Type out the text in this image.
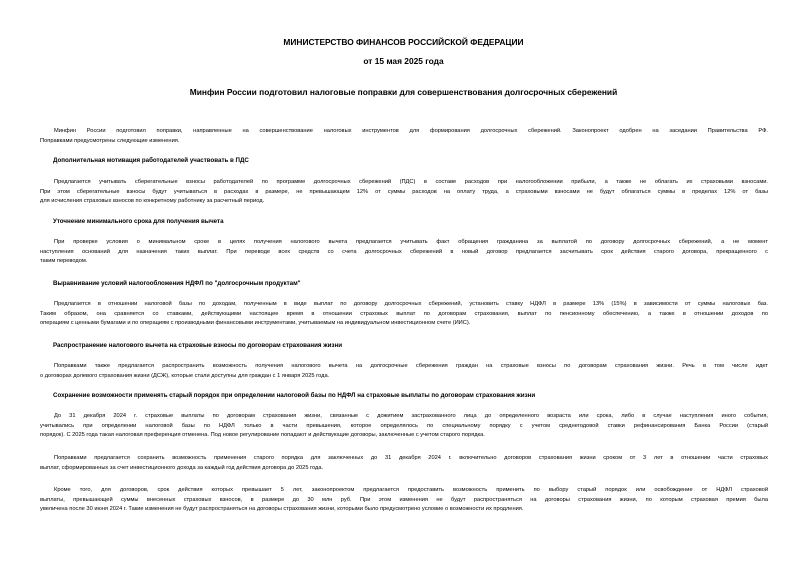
МИНИСТЕРСТВО ФИНАНСОВ РОССИЙСКОЙ ФЕДЕРАЦИИ
от 15 мая 2025 года
Минфин России подготовил налоговые поправки для совершенствования долгосрочных сбережений
Минфин России подготовил поправки, направленные на совершенствование налоговых инструментов для формирования долгосрочных сбережений. Законопроект одобрен на заседании Правительства РФ.
Поправками предусмотрены следующие изменения.
Дополнительная мотивация работодателей участвовать в ПДС
Предлагается учитывать сберегательные взносы работодателей по программе долгосрочных сбережений (ПДС) в составе расходов при налогообложении прибыли, а также не облагать их страховыми взносами.
При этом сберегательные взносы будут учитываться в расходах в размере, не превышающем 12% от суммы расходов на оплату труда, а страховыми взносами не будут облагаться суммы в пределах 12% от базы
для исчисления страховых взносов по конкретному работнику за расчетный период.
Уточнение минимального срока для получения вычета
При проверке условия о минимальном сроке в целях получения налогового вычета предлагается учитывать факт обращения гражданина за выплатой по договору долгосрочных сбережений, а не момент
наступления оснований для назначения таких выплат. При переводе всех средств со счета долгосрочных сбережений в новый договор предлагается засчитывать срок действия старого договора, прекращенного с
таким переводом.
Выравнивание условий налогообложения НДФЛ по "долгосрочным продуктам"
Предлагается в отношении налоговой базы по доходам, полученным в виде выплат по договору долгосрочных сбережений, установить ставку НДФЛ в размере 13% (15%) в зависимости от суммы налоговых баз.
Таким образом, она сравняется со ставками, действующими настоящее время в отношении страховых выплат по договорам страхования, выплат по пенсионному обеспечению, а также в отношении доходов по
операциям с ценными бумагами и по операциям с производными финансовыми инструментами, учитываемым на индивидуальном инвестиционном счете (ИИС).
Распространение налогового вычета на страховые взносы по договорам страхования жизни
Поправками также предлагается распространить возможность получения налогового вычета на долгосрочные сбережения граждан на страховые взносы по договорам страхования жизни. Речь в том числе идет
о договорах долевого страхования жизни (ДСЖ), которые стали доступны для граждан с 1 января 2025 года.
Сохранение возможности применять старый порядок при определении налоговой базы по НДФЛ на страховые выплаты по договорам страхования жизни
До 31 декабря 2024 г. страховые выплаты по договорам страхования жизни, связанные с дожитием застрахованного лица до определенного возраста или срока, либо в случае наступления иного события,
учитывались при определении налоговой базы по НДФЛ только в части превышения, которое определялось по специальному порядку с учетом среднегодовой ставки рефинансирования Банка России (старый
порядок). С 2025 года такая налоговая преференция отменена. Под новое регулирование попадают и действующие договоры, заключенные с учетом старого порядка.
Поправками предлагается сохранить возможность применения старого порядка для заключенных до 31 декабря 2024 г. включительно договоров страхования жизни сроком от 3 лет в отношении части страховых
выплат, сформированных за счет инвестиционного дохода за каждый год действия договора до 2025 года.
Кроме того, для договоров, срок действия которых превышает 5 лет, законопроектом предлагается предоставить возможность применить по выбору старый порядок или освобождение от НДФЛ страховой
выплаты, превышающей суммы внесенных страховых взносов, в размере до 30 млн руб. При этом изменения не будут распространяться на договоры страхования жизни, по которым страховая премия была
увеличена после 30 июня 2024 г. Такие изменения не будут распространяться на договоры страхования жизни, которыми было предусмотрено условие о возможности их продления.
